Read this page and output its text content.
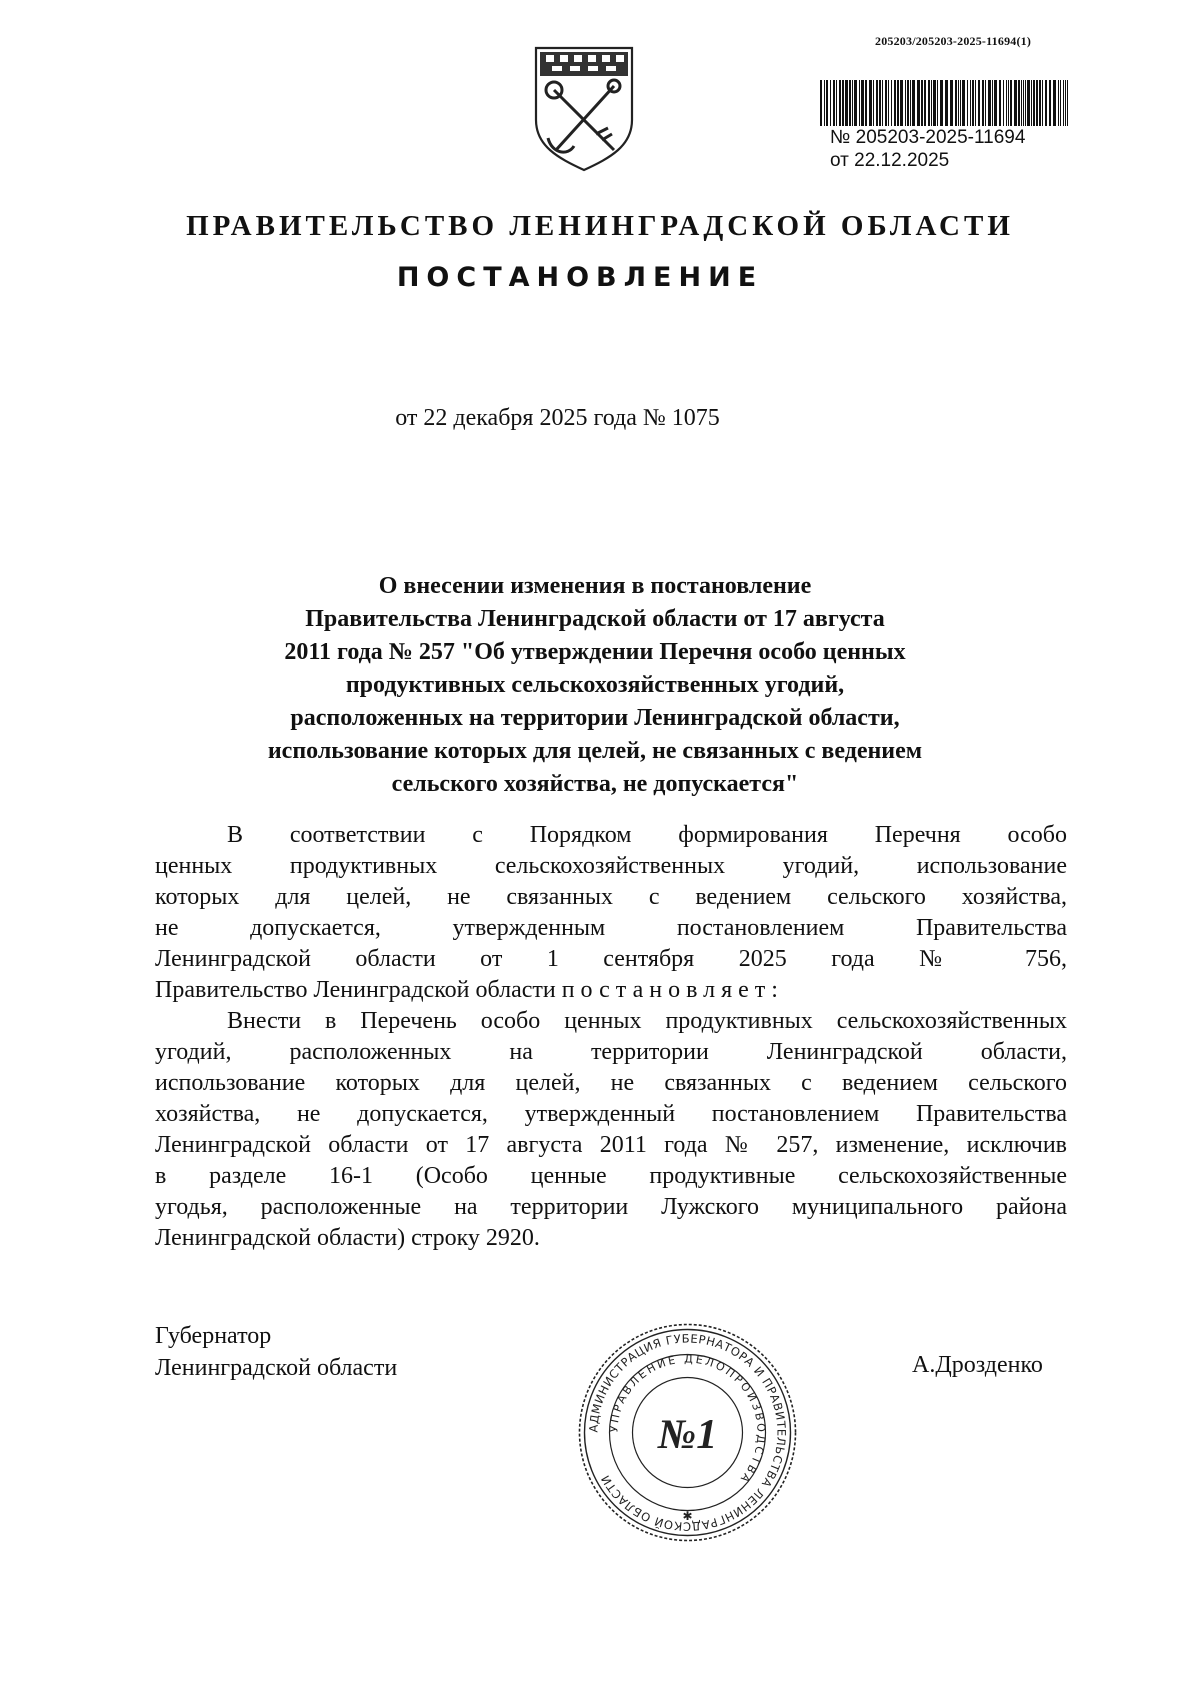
205203/205203-2025-11694(1)
№ 205203-2025-11694
от 22.12.2025
ПРАВИТЕЛЬСТВО ЛЕНИНГРАДСКОЙ ОБЛАСТИ
ПОСТАНОВЛЕНИЕ
от 22 декабря 2025 года № 1075
О внесении изменения в постановление
Правительства Ленинградской области от 17 августа
2011 года № 257 "Об утверждении Перечня особо ценных
продуктивных сельскохозяйственных угодий,
расположенных на территории Ленинградской области,
использование которых для целей, не связанных с ведением
сельского хозяйства, не допускается"

В соответствии с Порядком формирования Перечня особо
ценных продуктивных сельскохозяйственных угодий, использование
которых для целей, не связанных с ведением сельского хозяйства,
не допускается, утвержденным постановлением Правительства
Ленинградской области от 1 сентября 2025 года № 756,
Правительство Ленинградской области постановляет:

Внести в Перечень особо ценных продуктивных сельскохозяйственных
угодий, расположенных на территории Ленинградской области,
использование которых для целей, не связанных с ведением сельского
хозяйства, не допускается, утвержденный постановлением Правительства
Ленинградской области от 17 августа 2011 года № 257, изменение, исключив
в разделе 16-1 (Особо ценные продуктивные сельскохозяйственные
угодья, расположенные на территории Лужского муниципального района
Ленинградской области) строку 2920.

Губернатор
Ленинградской области	А.Дрозденко
АДМИНИСТРАЦИЯ ГУБЕРНАТОРА И ПРАВИТЕЛЬСТВА ЛЕНИНГРАДСКОЙ ОБЛАСТИ
УПРАВЛЕНИЕ ДЕЛОПРОИЗВОДСТВА
№1
✱
